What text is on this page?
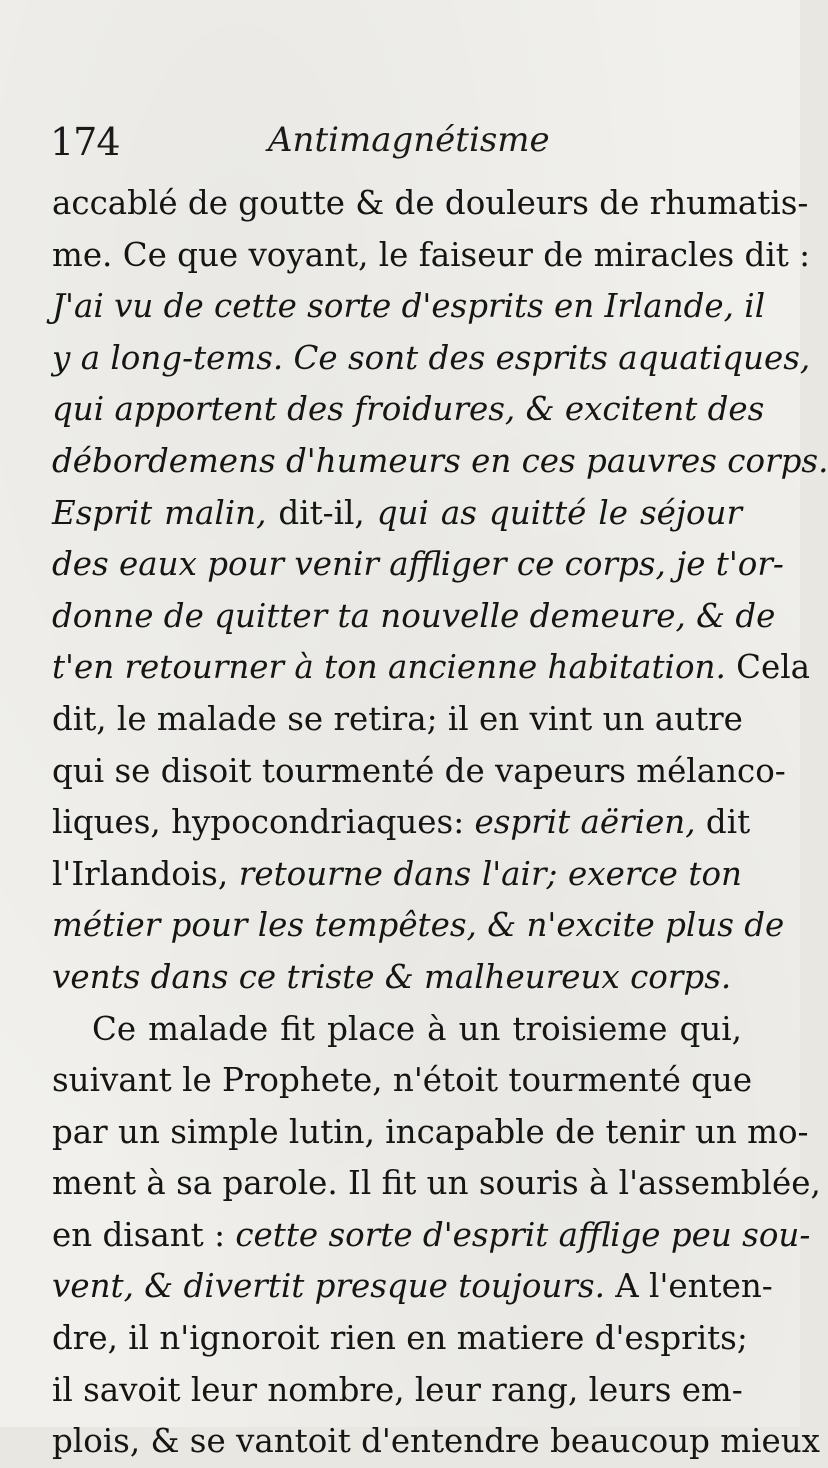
174	Antimagnétisme
accablé de goutte & de douleurs de rhumatis-
me. Ce que voyant, le faiseur de miracles dit :
J'ai vu de cette sorte d'esprits en Irlande, il
y a long-tems. Ce sont des esprits aquatiques,
qui apportent des froidures, & excitent des
débordemens d'humeurs en ces pauvres corps.
Esprit malin, dit-il, qui as quitté le séjour
des eaux pour venir affliger ce corps, je t'or-
donne de quitter ta nouvelle demeure, & de
t'en retourner à ton ancienne habitation. Cela
dit, le malade se retira; il en vint un autre
qui se disoit tourmenté de vapeurs mélanco-
liques, hypocondriaques: esprit aërien, dit
l'Irlandois, retourne dans l'air; exerce ton
métier pour les tempêtes, & n'excite plus de
vents dans ce triste & malheureux corps.
Ce malade fit place à un troisieme qui,
suivant le Prophete, n'étoit tourmenté que
par un simple lutin, incapable de tenir un mo-
ment à sa parole. Il fit un souris à l'assemblée,
en disant : cette sorte d'esprit afflige peu sou-
vent, & divertit presque toujours. A l'enten-
dre, il n'ignoroit rien en matiere d'esprits;
il savoit leur nombre, leur rang, leurs em-
plois, & se vantoit d'entendre beaucoup mieux
